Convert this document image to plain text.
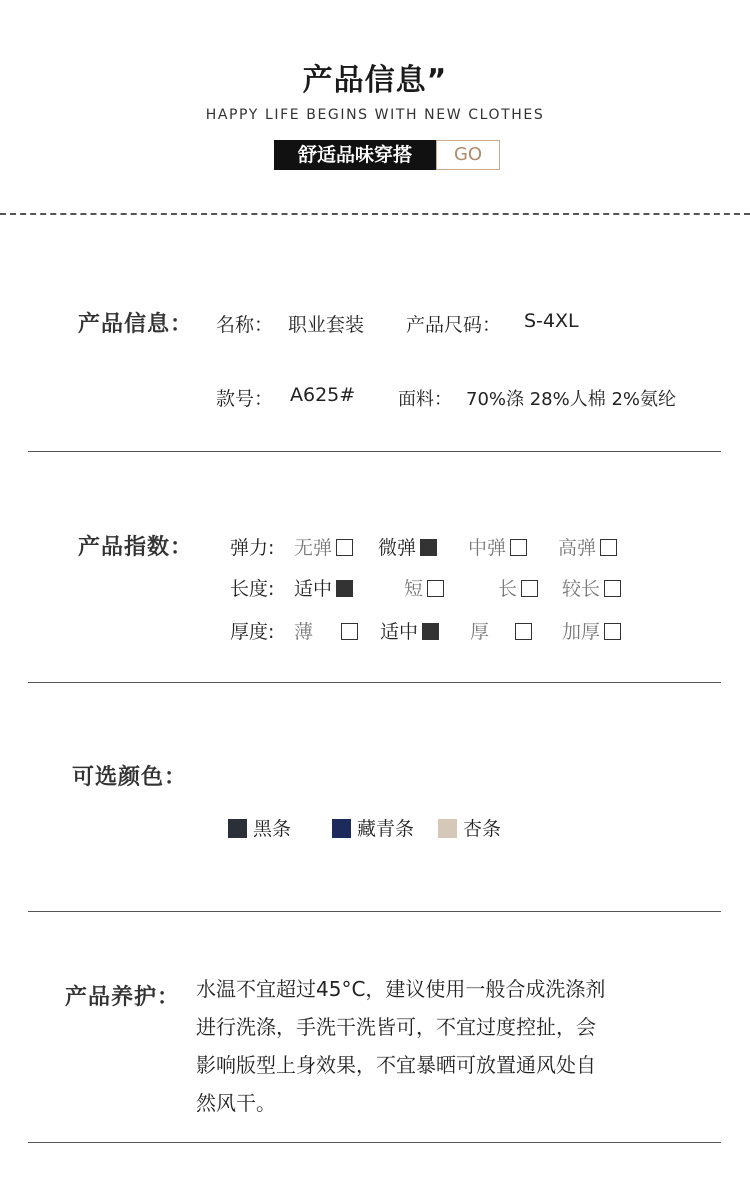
产品信息”
HAPPY LIFE BEGINS WITH NEW CLOTHES
舒适品味穿搭	GO
产品信息： 名称： 职业套装 产品尺码： S-4XL
款号： A625# 面料： 70%涤 28%人棉 2%氨纶
产品指数： 弹力: 无弹	微弹	中弹	高弹
长度: 适中	短	长	较长
厚度: 薄	适中	厚	加厚
可选颜色：
黑条	藏青条	杏条
产品养护： 水温不宜超过45°C，建议使用一般合成洗涤剂
进行洗涤，手洗干洗皆可，不宜过度控扯，会
影响版型上身效果，不宜暴晒可放置通风处自
然风干。
